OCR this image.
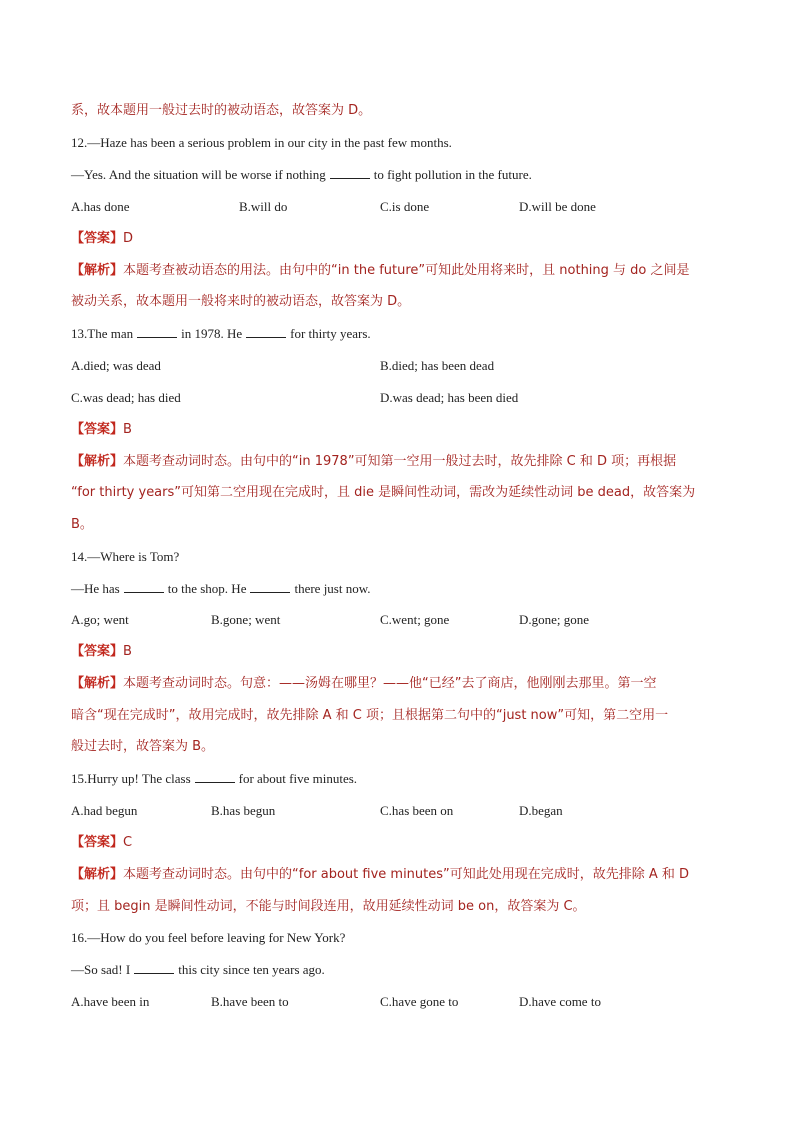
系，故本题用一般过去时的被动语态，故答案为 D。
12.—Haze has been a serious problem in our city in the past few months.
—Yes. And the situation will be worse if nothing	to fight pollution in the future.
A.has done	B.will do	C.is done	D.will be done
【答案】D
【解析】本题考查被动语态的用法。由句中的“in the future”可知此处用将来时，且 nothing 与 do 之间是
被动关系，故本题用一般将来时的被动语态，故答案为 D。
13.The man	in 1978. He	for thirty years.
A.died; was dead	B.died; has been dead
C.was dead; has died	D.was dead; has been died
【答案】B
【解析】本题考查动词时态。由句中的“in 1978”可知第一空用一般过去时，故先排除 C 和 D 项；再根据
“for thirty years”可知第二空用现在完成时，且 die 是瞬间性动词，需改为延续性动词 be dead，故答案为
B。
14.—Where is Tom?
—He has	to the shop. He	there just now.
A.go; went	B.gone; went	C.went; gone	D.gone; gone
【答案】B
【解析】本题考查动词时态。句意：——汤姆在哪里？——他“已经”去了商店，他刚刚去那里。第一空
暗含“现在完成时”，故用完成时，故先排除 A 和 C 项；且根据第二句中的“just now”可知，第二空用一
般过去时，故答案为 B。
15.Hurry up! The class	for about five minutes.
A.had begun	B.has begun	C.has been on	D.began
【答案】C
【解析】本题考查动词时态。由句中的“for about five minutes”可知此处用现在完成时，故先排除 A 和 D
项；且 begin 是瞬间性动词，不能与时间段连用，故用延续性动词 be on，故答案为 C。
16.—How do you feel before leaving for New York?
—So sad! I	this city since ten years ago.
A.have been in	B.have been to	C.have gone to	D.have come to
